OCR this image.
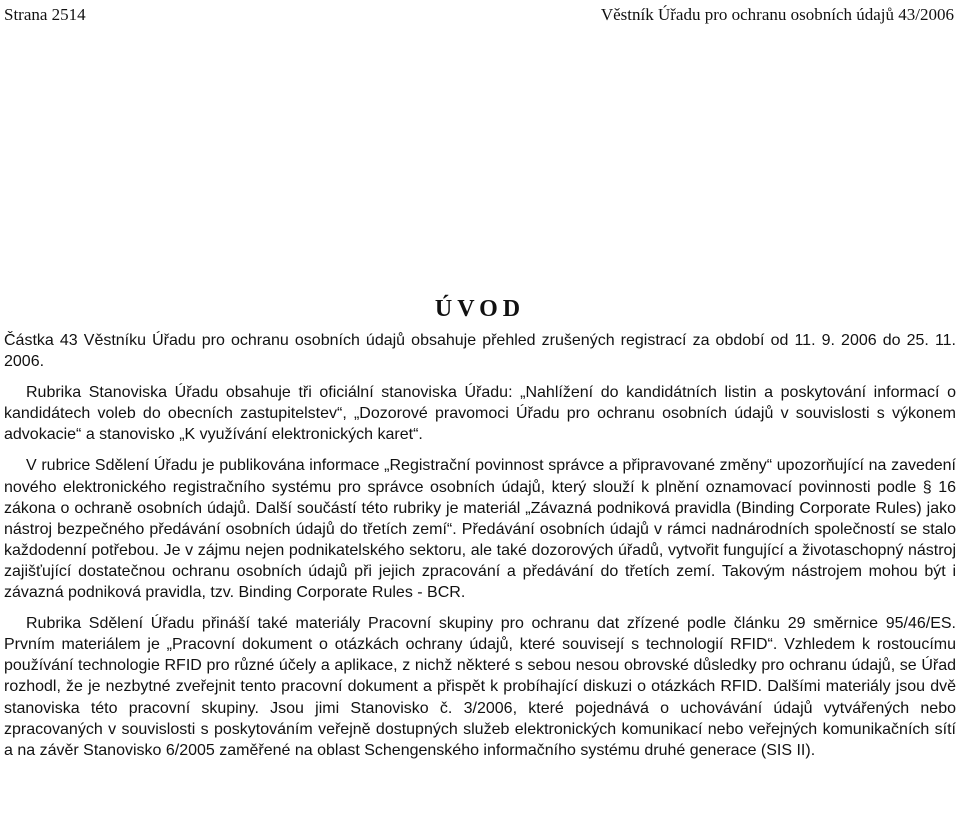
Strana 2514	Věstník Úřadu pro ochranu osobních údajů 43/2006
ÚVOD

Částka 43 Věstníku Úřadu pro ochranu osobních údajů obsahuje přehled zrušených registrací za období od 11. 9. 2006 do 25. 11. 2006.

Rubrika Stanoviska Úřadu obsahuje tři oficiální stanoviska Úřadu: „Nahlížení do kandidátních listin a poskytování informací o kandidátech voleb do obecních zastupitelstev“, „Dozorové pravomoci Úřadu pro ochranu osobních údajů v souvislosti s výkonem advokacie“ a stanovisko „K využívání elektronických karet“.

V rubrice Sdělení Úřadu je publikována informace „Registrační povinnost správce a připravované změny“ upozorňující na zavedení nového elektronického registračního systému pro správce osobních údajů, který slouží k plnění oznamovací povinnosti podle § 16 zákona o ochraně osobních údajů. Další součástí této rubriky je materiál „Závazná podniková pravidla (Binding Corporate Rules) jako nástroj bezpečného předávání osobních údajů do třetích zemí“. Předávání osobních údajů v rámci nadnárodních společností se stalo každodenní potřebou. Je v zájmu nejen podnikatelského sektoru, ale také dozorových úřadů, vytvořit fungující a životaschopný nástroj zajišťující dostatečnou ochranu osobních údajů při jejich zpracování a předávání do třetích zemí. Takovým nástrojem mohou být i závazná podniková pravidla, tzv. Binding Corporate Rules - BCR.

Rubrika Sdělení Úřadu přináší také materiály Pracovní skupiny pro ochranu dat zřízené podle článku 29 směrnice 95/46/ES. Prvním materiálem je „Pracovní dokument o otázkách ochrany údajů, které souvisejí s technologií RFID“. Vzhledem k rostoucímu používání technologie RFID pro různé účely a aplikace, z nichž některé s sebou nesou obrovské důsledky pro ochranu údajů, se Úřad rozhodl, že je nezbytné zveřejnit tento pracovní dokument a přispět k probíhající diskuzi o otázkách RFID. Dalšími materiály jsou dvě stanoviska této pracovní skupiny. Jsou jimi Stanovisko č. 3/2006, které pojednává o uchovávání údajů vytvářených nebo zpracovaných v souvislosti s poskytováním veřejně dostupných služeb elektronických komunikací nebo veřejných komunikačních sítí a na závěr Stanovisko 6/2005 zaměřené na oblast Schengenského informačního systému druhé generace (SIS II).
